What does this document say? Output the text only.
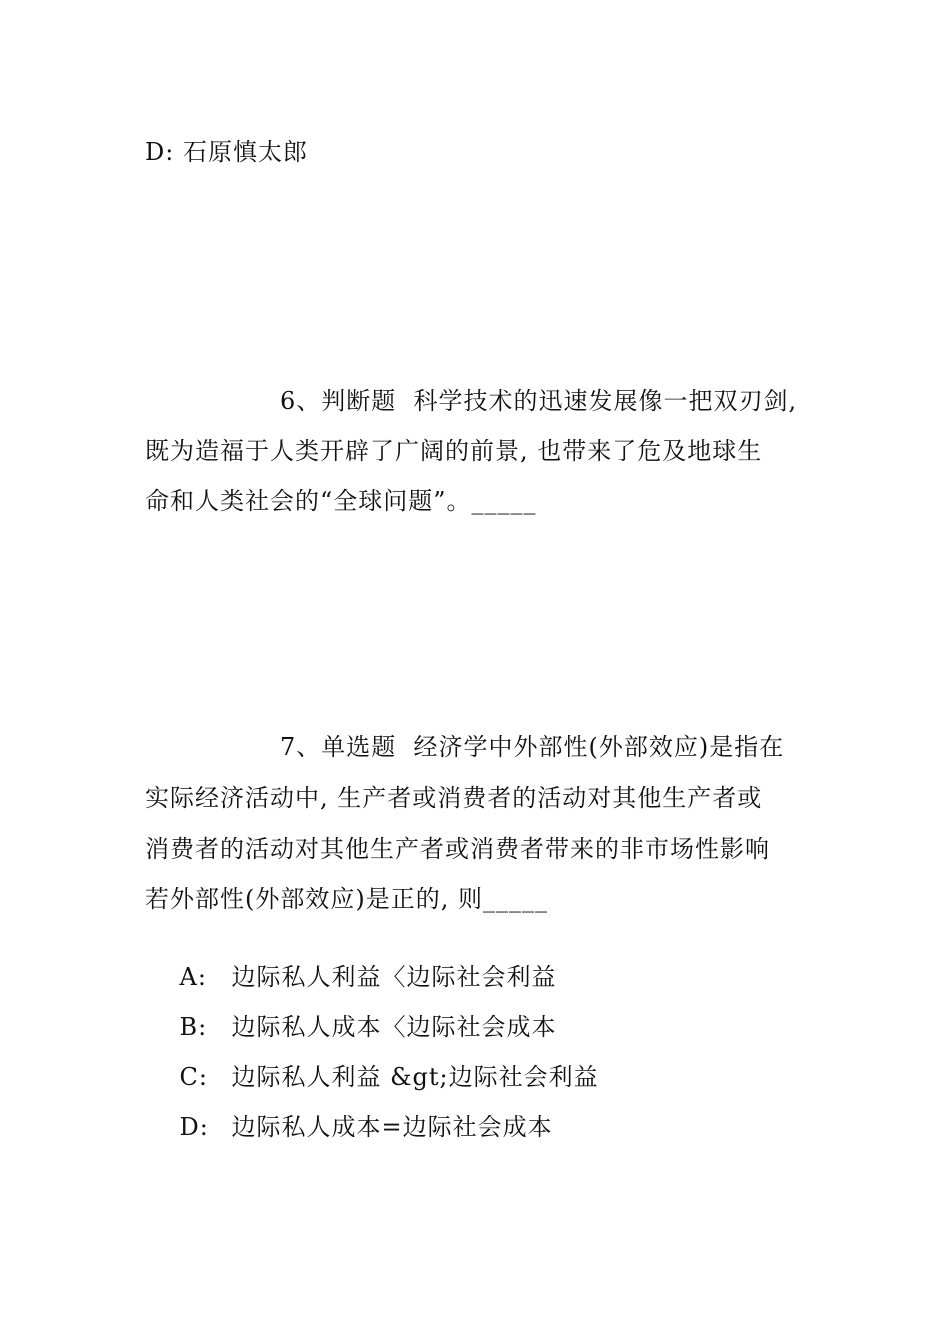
D: 石原慎太郎
6、判断题  科学技术的迅速发展像一把双刃剑,
既为造福于人类开辟了广阔的前景, 也带来了危及地球生
命和人类社会的“全球问题”。_____
7、单选题  经济学中外部性(外部效应)是指在
实际经济活动中, 生产者或消费者的活动对其他生产者或
消费者的活动对其他生产者或消费者带来的非市场性影响
若外部性(外部效应)是正的, 则_____

A: 边际私人利益〈边际社会利益

B: 边际私人成本〈边际社会成本

C: 边际私人利益 &gt;边际社会利益

D: 边际私人成本=边际社会成本
